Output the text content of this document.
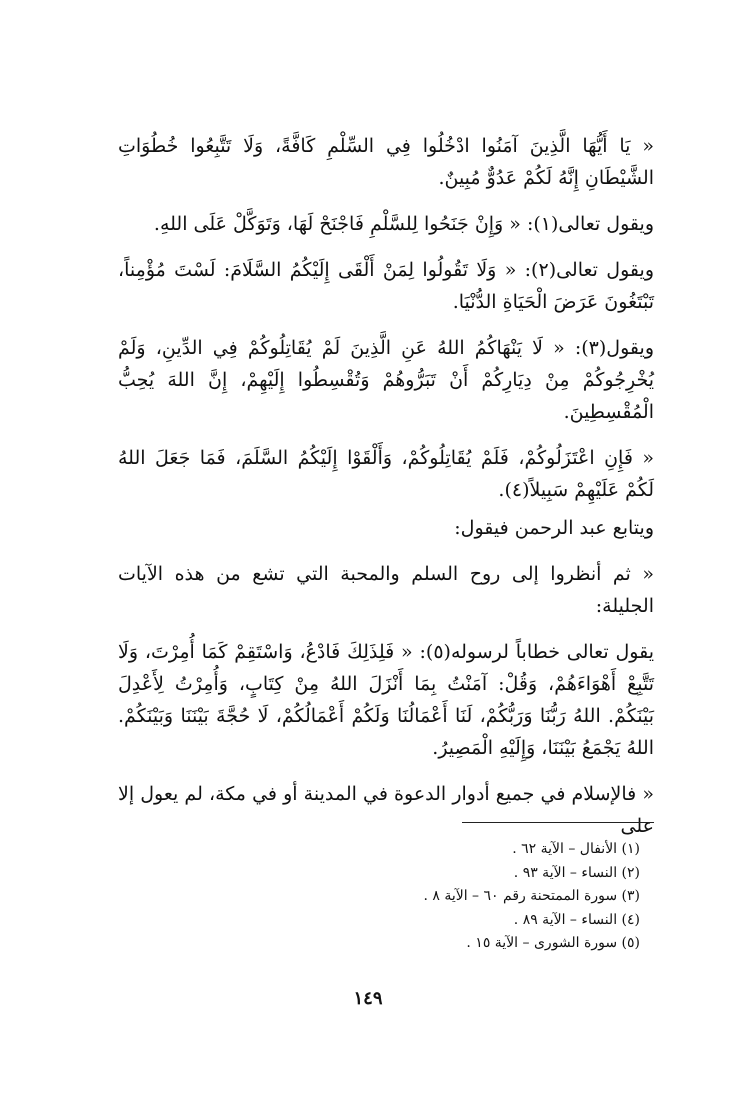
« يَا أَيُّهَا الَّذِينَ آمَنُوا ادْخُلُوا فِي السِّلْمِ كَافَّةً، وَلَا تَتَّبِعُوا خُطُوَاتِ الشَّيْطَانِ إِنَّهُ لَكُمْ عَدُوٌّ مُبِينٌ.

ويقول تعالى(١): « وَإِنْ جَنَحُوا لِلسَّلْمِ فَاجْنَحْ لَهَا، وَتَوَكَّلْ عَلَى اللهِ.

ويقول تعالى(٢): « وَلَا تَقُولُوا لِمَنْ أَلْقَى إِلَيْكُمُ السَّلَامَ: لَسْتَ مُؤْمِناً، تَبْتَغُونَ عَرَضَ الْحَيَاةِ الدُّنْيَا.

ويقول(٣): « لَا يَنْهَاكُمُ اللهُ عَنِ الَّذِينَ لَمْ يُقَاتِلُوكُمْ فِي الدِّينِ، وَلَمْ يُخْرِجُوكُمْ مِنْ دِيَارِكُمْ أَنْ تَبَرُّوهُمْ وَتُقْسِطُوا إِلَيْهِمْ، إِنَّ اللهَ يُحِبُّ الْمُقْسِطِينَ.

« فَإِنِ اعْتَزَلُوكُمْ، فَلَمْ يُقَاتِلُوكُمْ، وَأَلْقَوْا إِلَيْكُمُ السَّلَمَ، فَمَا جَعَلَ اللهُ لَكُمْ عَلَيْهِمْ سَبِيلاً(٤).

ويتابع عبد الرحمن فيقول:

« ثم أنظروا إلى روح السلم والمحبة التي تشع من هذه الآيات الجليلة:

يقول تعالى خطاباً لرسوله(٥): « فَلِذَلِكَ فَادْعُ، وَاسْتَقِمْ كَمَا أُمِرْتَ، وَلَا تَتَّبِعْ أَهْوَاءَهُمْ، وَقُلْ: آمَنْتُ بِمَا أَنْزَلَ اللهُ مِنْ كِتَابٍ، وَأُمِرْتُ لِأَعْدِلَ بَيْنَكُمْ. اللهُ رَبُّنَا وَرَبُّكُمْ، لَنَا أَعْمَالُنَا وَلَكُمْ أَعْمَالُكُمْ، لَا حُجَّةَ بَيْنَنَا وَبَيْنَكُمْ. اللهُ يَجْمَعُ بَيْنَنَا، وَإِلَيْهِ الْمَصِيرُ.

« فالإسلام في جميع أدوار الدعوة في المدينة أو في مكة، لم يعول إلا على

(١) الأنفال – الآية ٦٢ .
(٢) النساء – الآية ٩٣ .
(٣) سورة الممتحنة رقم ٦٠ – الآية ٨ .
(٤) النساء – الآية ٨٩ .
(٥) سورة الشورى – الآية ١٥ .
١٤٩
